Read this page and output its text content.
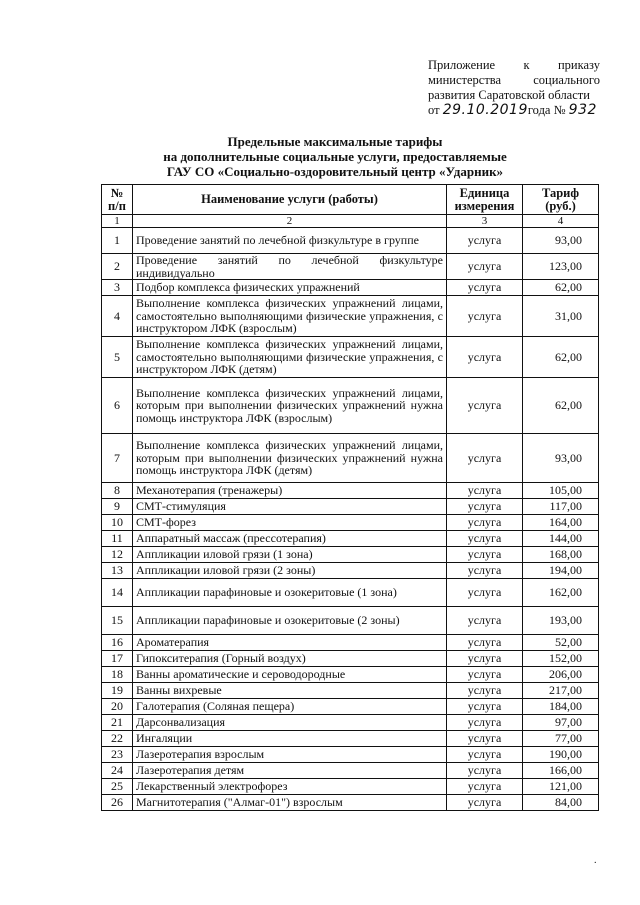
Приложение к приказу
министерства	социального
развития Саратовской области
от
29.10.2019 года №
932
Предельные максимальные тарифы
на дополнительные социальные услуги, предоставляемые
ГАУ СО «Социально-оздоровительный центр «Ударник»
№ п/п	Наименование услуги (работы)	Единица измерения	Тариф (руб.)
1	2	3	4
1	Проведение занятий по лечебной физкультуре в группе	услуга	93,00
2	Проведение занятий по лечебной физкультуре индивидуально	услуга	123,00
3	Подбор комплекса физических упражнений	услуга	62,00
4	Выполнение комплекса физических упражнений лицами, самостоятельно выполняющими физические упражнения, с инструктором ЛФК (взрослым)	услуга	31,00
5	Выполнение комплекса физических упражнений лицами, самостоятельно выполняющими физические упражнения, с инструктором ЛФК (детям)	услуга	62,00
6	Выполнение комплекса физических упражнений лицами, которым при выполнении физических упражнений нужна помощь инструктора ЛФК (взрослым)	услуга	62,00
7	Выполнение комплекса физических упражнений лицами, которым при выполнении физических упражнений нужна помощь инструктора ЛФК (детям)	услуга	93,00
8	Механотерапия (тренажеры)	услуга	105,00
9	СМТ-стимуляция	услуга	117,00
10	СМТ-форез	услуга	164,00
11	Аппаратный массаж (прессотерапия)	услуга	144,00
12	Аппликации иловой грязи (1 зона)	услуга	168,00
13	Аппликации иловой грязи (2 зоны)	услуга	194,00
14	Аппликации парафиновые и озокеритовые (1 зона)	услуга	162,00
15	Аппликации парафиновые и озокеритовые (2 зоны)	услуга	193,00
16	Ароматерапия	услуга	52,00
17	Гипокситерапия (Горный воздух)	услуга	152,00
18	Ванны ароматические и сероводородные	услуга	206,00
19	Ванны вихревые	услуга	217,00
20	Галотерапия (Соляная пещера)	услуга	184,00
21	Дарсонвализация	услуга	97,00
22	Ингаляции	услуга	77,00
23	Лазеротерапия взрослым	услуга	190,00
24	Лазеротерапия детям	услуга	166,00
25	Лекарственный электрофорез	услуга	121,00
26	Магнитотерапия ("Алмаг-01") взрослым	услуга	84,00
.
